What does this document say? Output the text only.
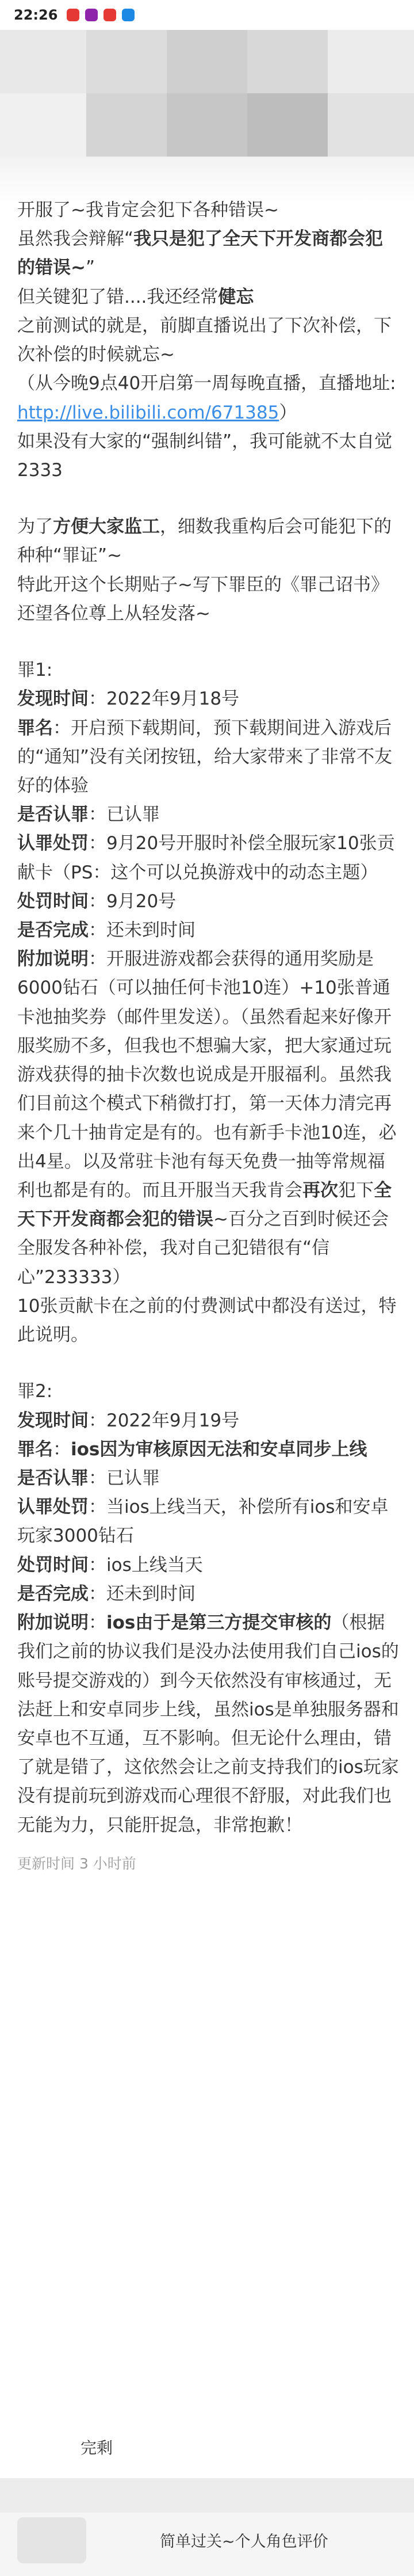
22:26

开服了~我肯定会犯下各种错误~

虽然我会辩解“我只是犯了全天下开发商都会犯的错误~”

但关键犯了错....我还经常健忘

之前测试的就是，前脚直播说出了下次补偿，下次补偿的时候就忘~

（从今晚9点40开启第一周每晚直播，直播地址:

http://live.bilibili.com/671385）

如果没有大家的“强制纠错”，我可能就不太自觉2333

为了方便大家监工，细数我重构后会可能犯下的种种“罪证”~

特此开这个长期贴子~写下罪臣的《罪己诏书》

还望各位尊上从轻发落~

罪1:

发现时间：2022年9月18号

罪名：开启预下载期间，预下载期间进入游戏后的“通知”没有关闭按钮，给大家带来了非常不友好的体验

是否认罪：已认罪

认罪处罚：9月20号开服时补偿全服玩家10张贡献卡（PS：这个可以兑换游戏中的动态主题）

处罚时间：9月20号

是否完成：还未到时间

附加说明：开服进游戏都会获得的通用奖励是6000钻石（可以抽任何卡池10连）+10张普通卡池抽奖券（邮件里发送）。（虽然看起来好像开服奖励不多，但我也不想骗大家，把大家通过玩游戏获得的抽卡次数也说成是开服福利。虽然我们目前这个模式下稍微打打，第一天体力清完再来个几十抽肯定是有的。也有新手卡池10连，必出4星。以及常驻卡池有每天免费一抽等常规福利也都是有的。而且开服当天我肯会再次犯下全天下开发商都会犯的错误~百分之百到时候还会全服发各种补偿，我对自己犯错很有“信心”233333）

10张贡献卡在之前的付费测试中都没有送过，特此说明。

罪2:

发现时间：2022年9月19号

罪名：ios因为审核原因无法和安卓同步上线

是否认罪：已认罪

认罪处罚：当ios上线当天，补偿所有ios和安卓玩家3000钻石

处罚时间：ios上线当天

是否完成：还未到时间

附加说明：ios由于是第三方提交审核的（根据我们之前的协议我们是没办法使用我们自己ios的账号提交游戏的）到今天依然没有审核通过，无法赶上和安卓同步上线，虽然ios是单独服务器和安卓也不互通，互不影响。但无论什么理由，错了就是错了，这依然会让之前支持我们的ios玩家没有提前玩到游戏而心理很不舒服，对此我们也无能为力，只能肝捉急，非常抱歉！

更新时间 3 小时前
完剩
简单过关~个人角色评价
